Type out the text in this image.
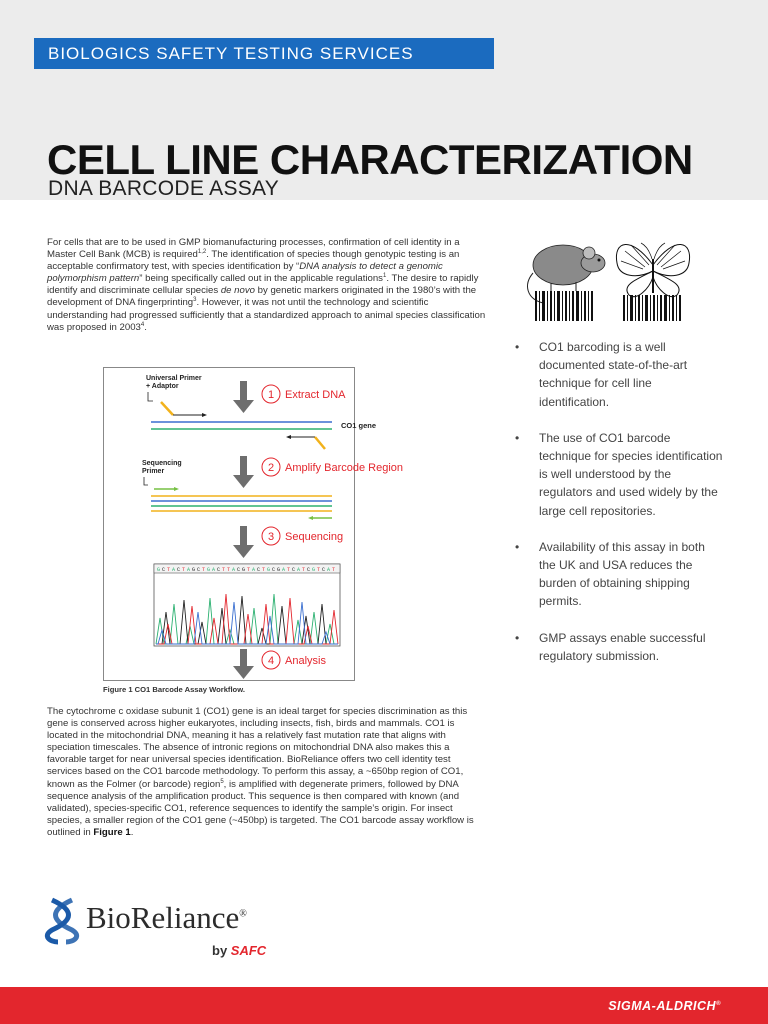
BIOLOGICS SAFETY TESTING SERVICES
CELL LINE CHARACTERIZATION
DNA BARCODE ASSAY
For cells that are to be used in GMP biomanufacturing processes, confirmation of cell identity in a Master Cell Bank (MCB) is required$^{1,2}$. The identification of species though genotypic testing is an acceptable confirmatory test, with species identification by “DNA analysis to detect a genomic polymorphism pattern” being specifically called out in the applicable regulations$^1$. The desire to rapidly identify and discriminate cellular species de novo by genetic markers originated in the 1980’s with the development of DNA fingerprinting$^3$. However, it was not until the technology and scientific understanding had progressed sufficiently that a standardized approach to animal species classification was proposed in 2003$^4$.
Universal Primer
+ Adaptor
CO1 gene
1 Extract DNA
Sequencing
Primer	2 Amplify Barcode Region
3 Sequencing
G C T A C T A G C T G A C T T A C G T A C T G C G A T C A T C G T C A T
4 Analysis
Figure 1 CO1 Barcode Assay Workflow.
The cytochrome c oxidase subunit 1 (CO1) gene is an ideal target for species discrimination as this gene is conserved across higher eukaryotes, including insects, fish, birds and mammals. CO1 is located in the mitochondrial DNA, meaning it has a relatively fast mutation rate that aligns with speciation timescales. The absence of intronic regions on mitochondrial DNA also makes this a favorable target for near universal species identification. BioReliance offers two cell identity test services based on the CO1 barcode methodology. To perform this assay, a ~650bp region of CO1, known as the Folmer (or barcode) region$^5$, is amplified with degenerate primers, followed by DNA sequence analysis of the amplification product. This sequence is then compared with known (and validated), species-specific CO1, reference sequences to identify the sample’s origin. For insect species, a smaller region of the CO1 gene (~450bp) is targeted. The CO1 barcode assay workflow is outlined in Figure 1.
• CO1 barcoding is a well documented state-of-the-art technique for cell line identification.
• The use of CO1 barcode technique for species identification is well understood by the regulators and used widely by the large cell repositories.
• Availability of this assay in both the UK and USA reduces the burden of obtaining shipping permits.
• GMP assays enable successful regulatory submission.
BioReliance®
by SAFC
SIGMA-ALDRICH®
